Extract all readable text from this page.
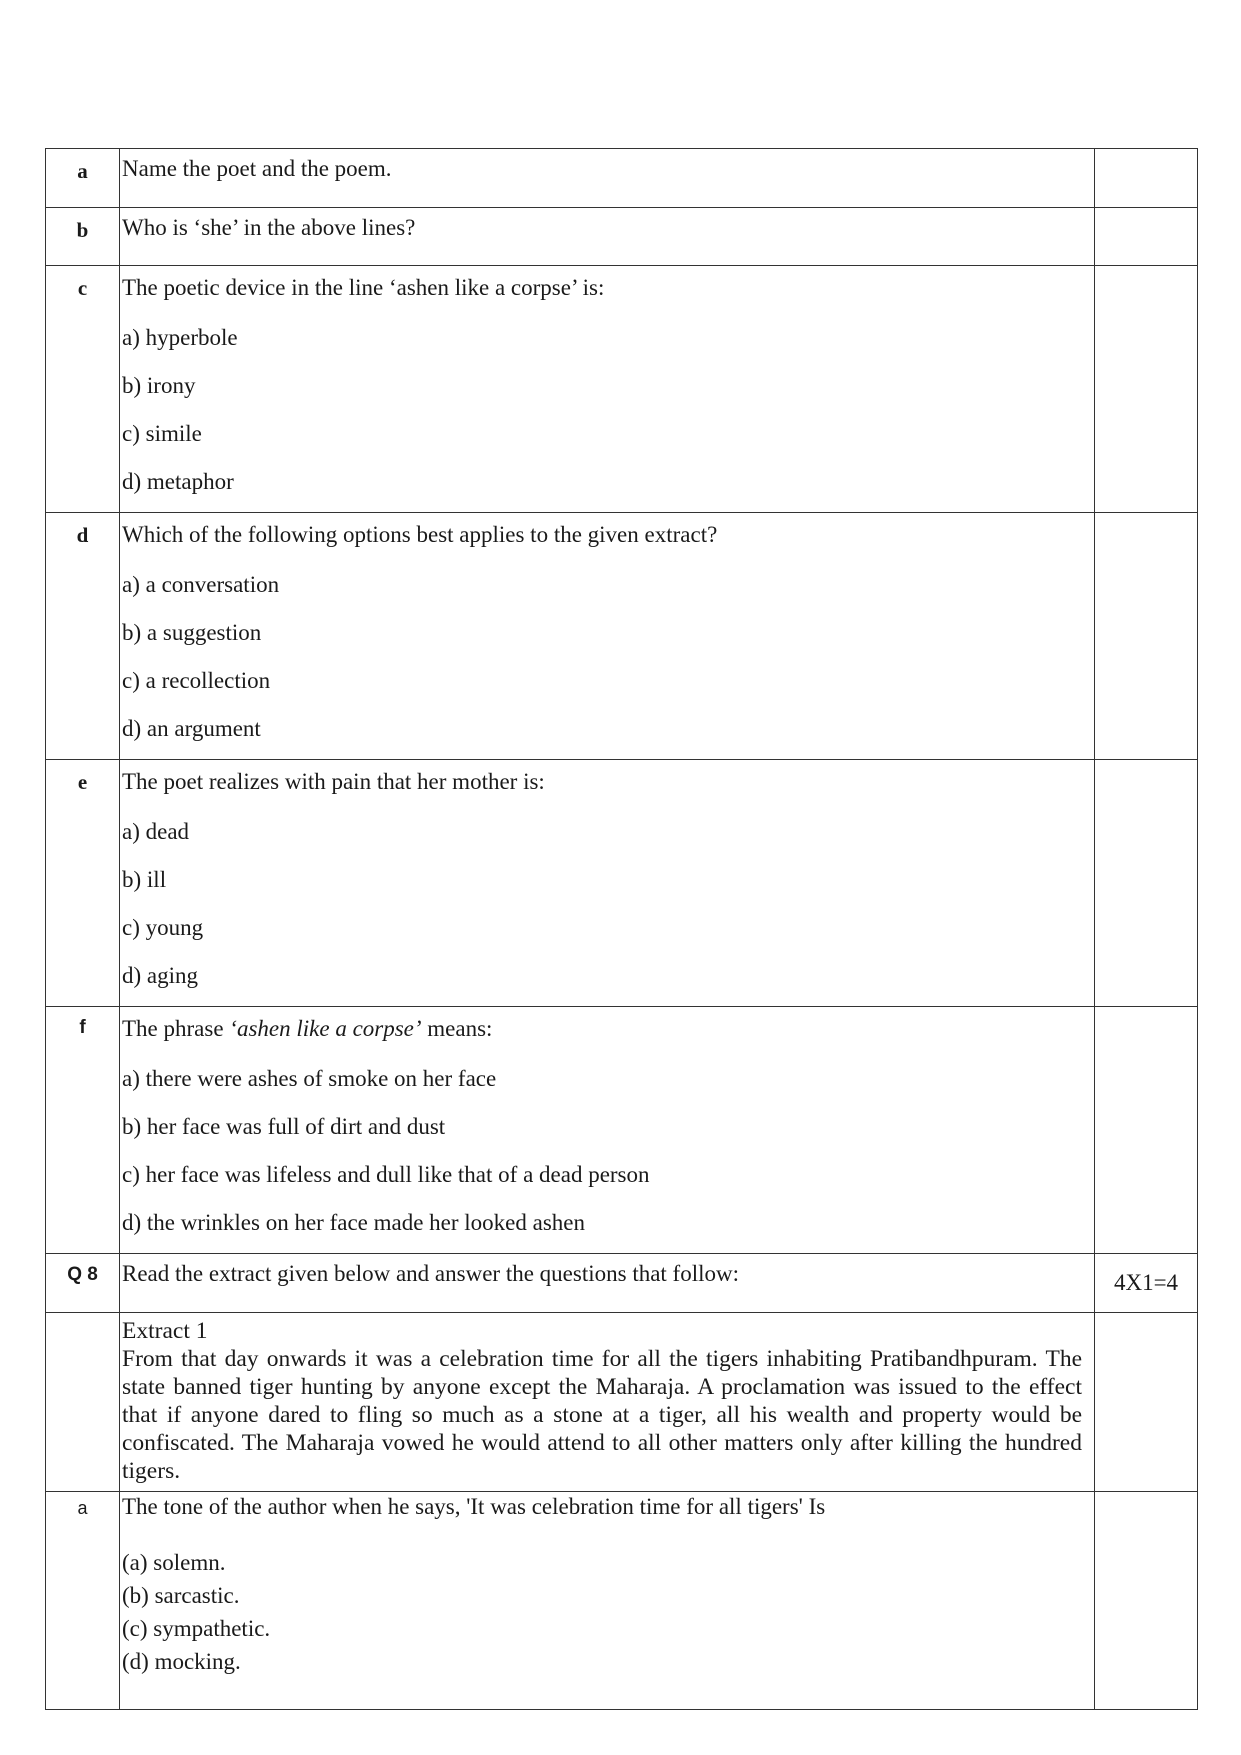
a	Name the poet and the poem.	

b	Who is ‘she’ in the above lines?	

c	The poetic device in the line ‘ashen like a corpse’ is:
a) hyperbole
b) irony
c) simile
d) metaphor	

d	Which of the following options best applies to the given extract?
a) a conversation
b) a suggestion
c) a recollection
d) an argument	

e	The poet realizes with pain that her mother is:
a) dead
b) ill
c) young
d) aging	

f	The phrase ‘ashen like a corpse’ means:
a) there were ashes of smoke on her face
b) her face was full of dirt and dust
c) her face was lifeless and dull like that of a dead person
d) the wrinkles on her face made her looked ashen	

Q 8	Read the extract given below and answer the questions that follow:	4X1=4

	Extract 1

From that day onwards it was a celebration time for all the tigers inhabiting Pratibandhpuram. The state banned tiger hunting by anyone except the Maharaja. A proclamation was issued to the effect that if anyone dared to fling so much as a stone at a tiger, all his wealth and property would be confiscated. The Maharaja vowed he would attend to all other matters only after killing the hundred tigers.	

a	The tone of the author when he says, 'It was celebration time for all tigers' Is
(a) solemn.
(b) sarcastic.
(c) sympathetic.
(d) mocking.	
